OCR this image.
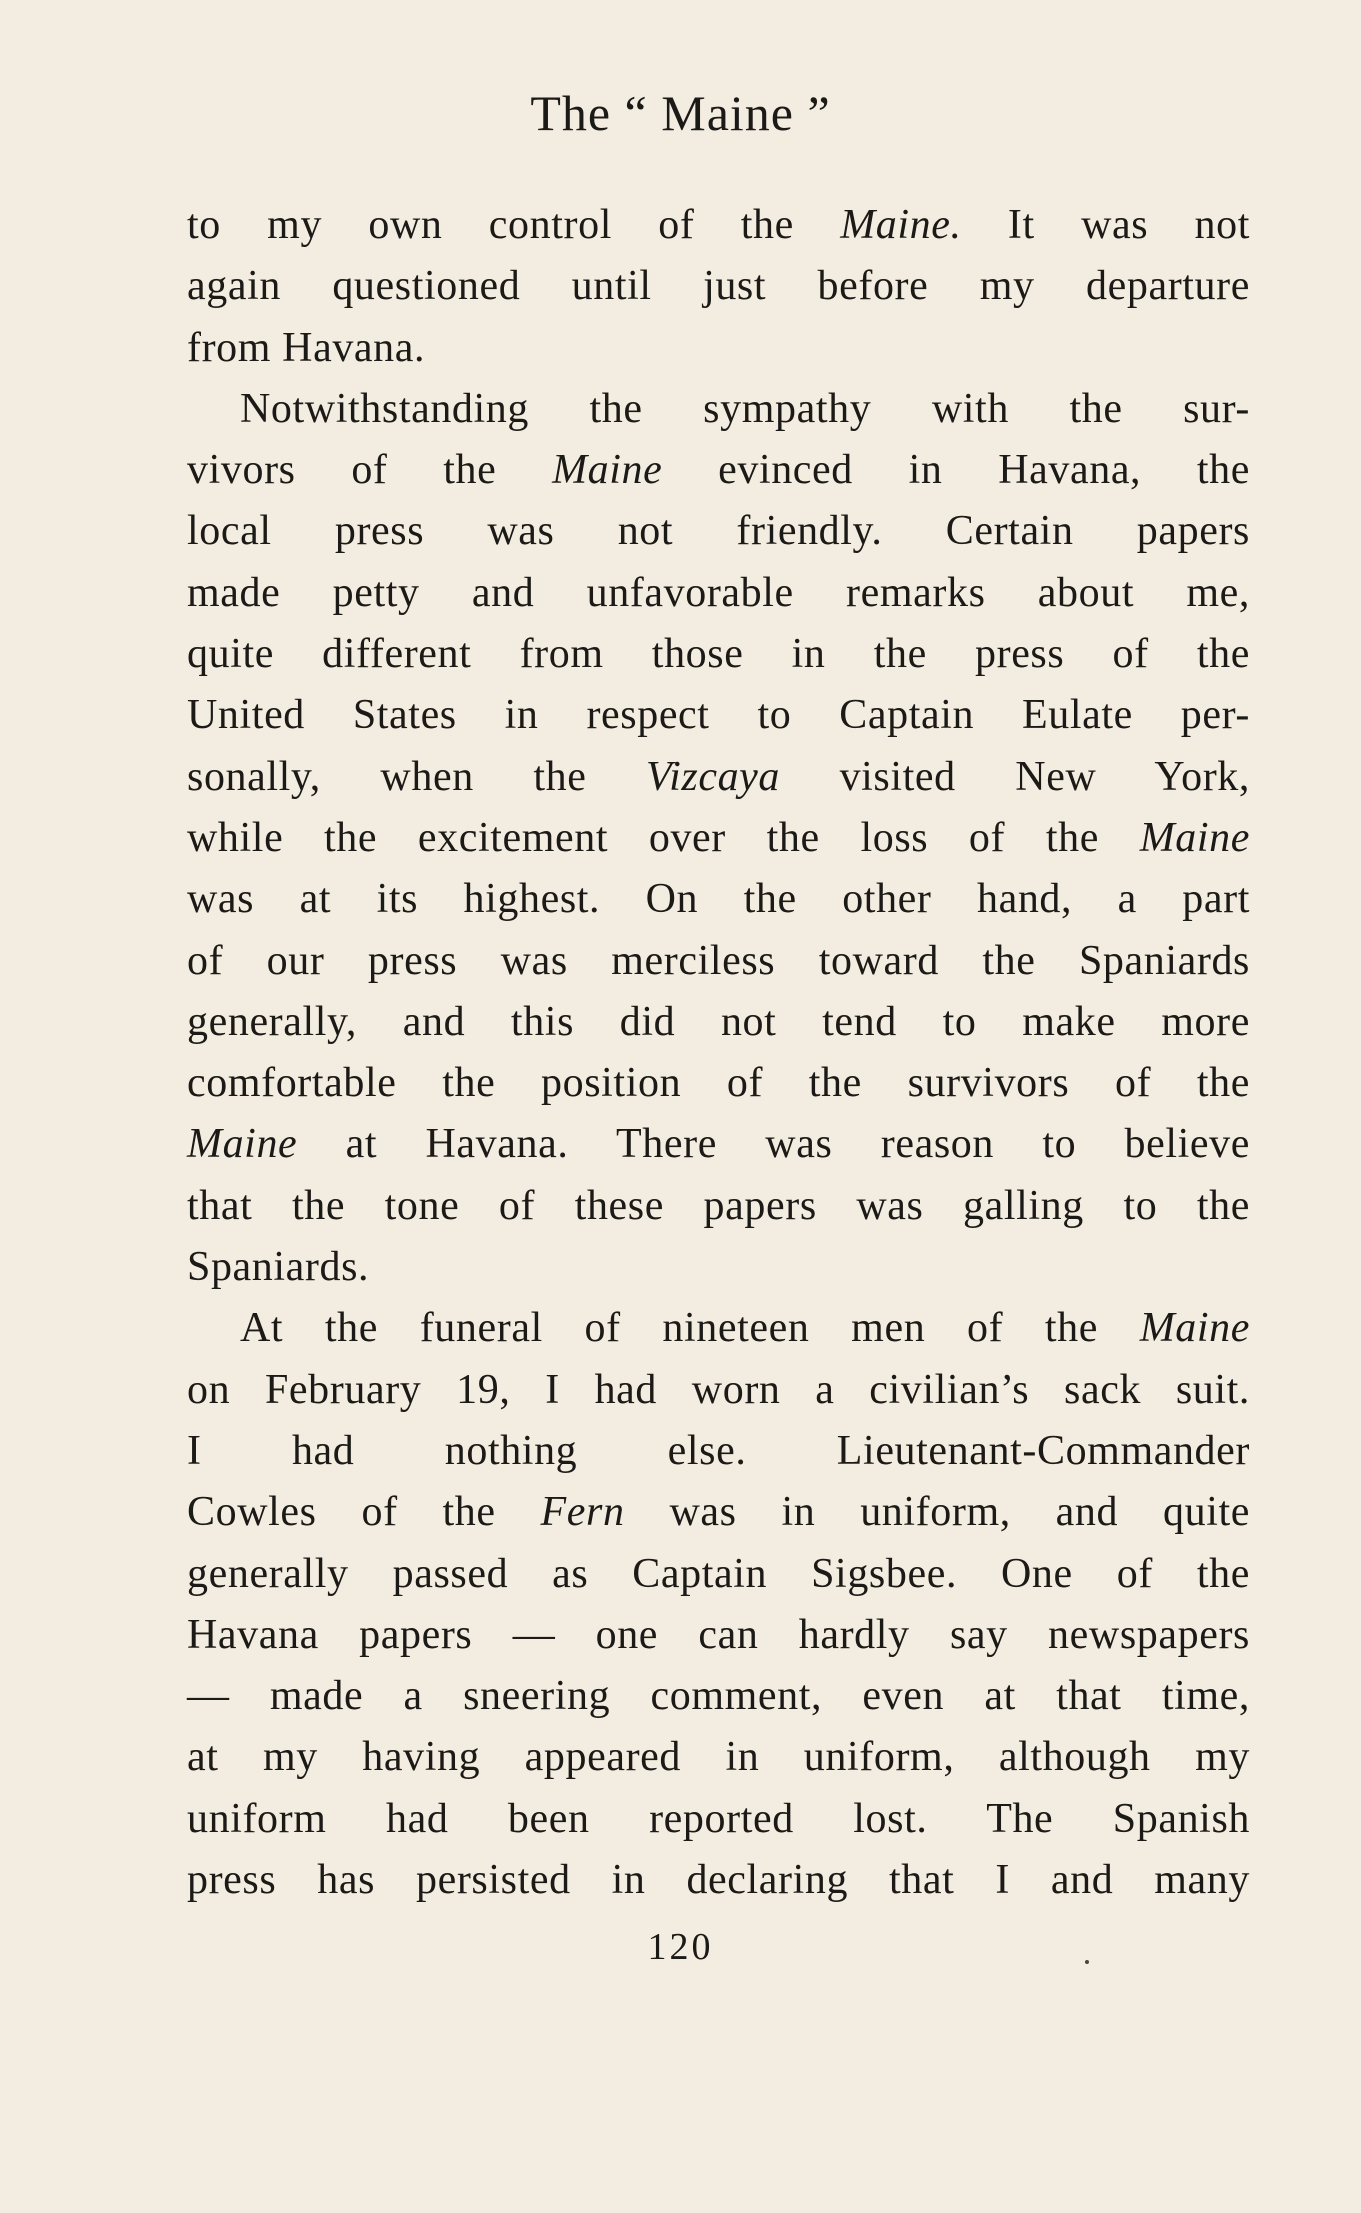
The “ Maine ”
to my own control of the Maine. It was not
again questioned until just before my departure
from Havana.
Notwithstanding the sympathy with the sur-
vivors of the Maine evinced in Havana, the
local press was not friendly. Certain papers
made petty and unfavorable remarks about me,
quite different from those in the press of the
United States in respect to Captain Eulate per-
sonally, when the Vizcaya visited New York,
while the excitement over the loss of the Maine
was at its highest. On the other hand, a part
of our press was merciless toward the Spaniards
generally, and this did not tend to make more
comfortable the position of the survivors of the
Maine at Havana. There was reason to believe
that the tone of these papers was galling to the
Spaniards.
At the funeral of nineteen men of the Maine
on February 19, I had worn a civilian’s sack suit.
I had nothing else. Lieutenant-Commander
Cowles of the Fern was in uniform, and quite
generally passed as Captain Sigsbee. One of the
Havana papers — one can hardly say newspapers
— made a sneering comment, even at that time,
at my having appeared in uniform, although my
uniform had been reported lost. The Spanish
press has persisted in declaring that I and many
120
